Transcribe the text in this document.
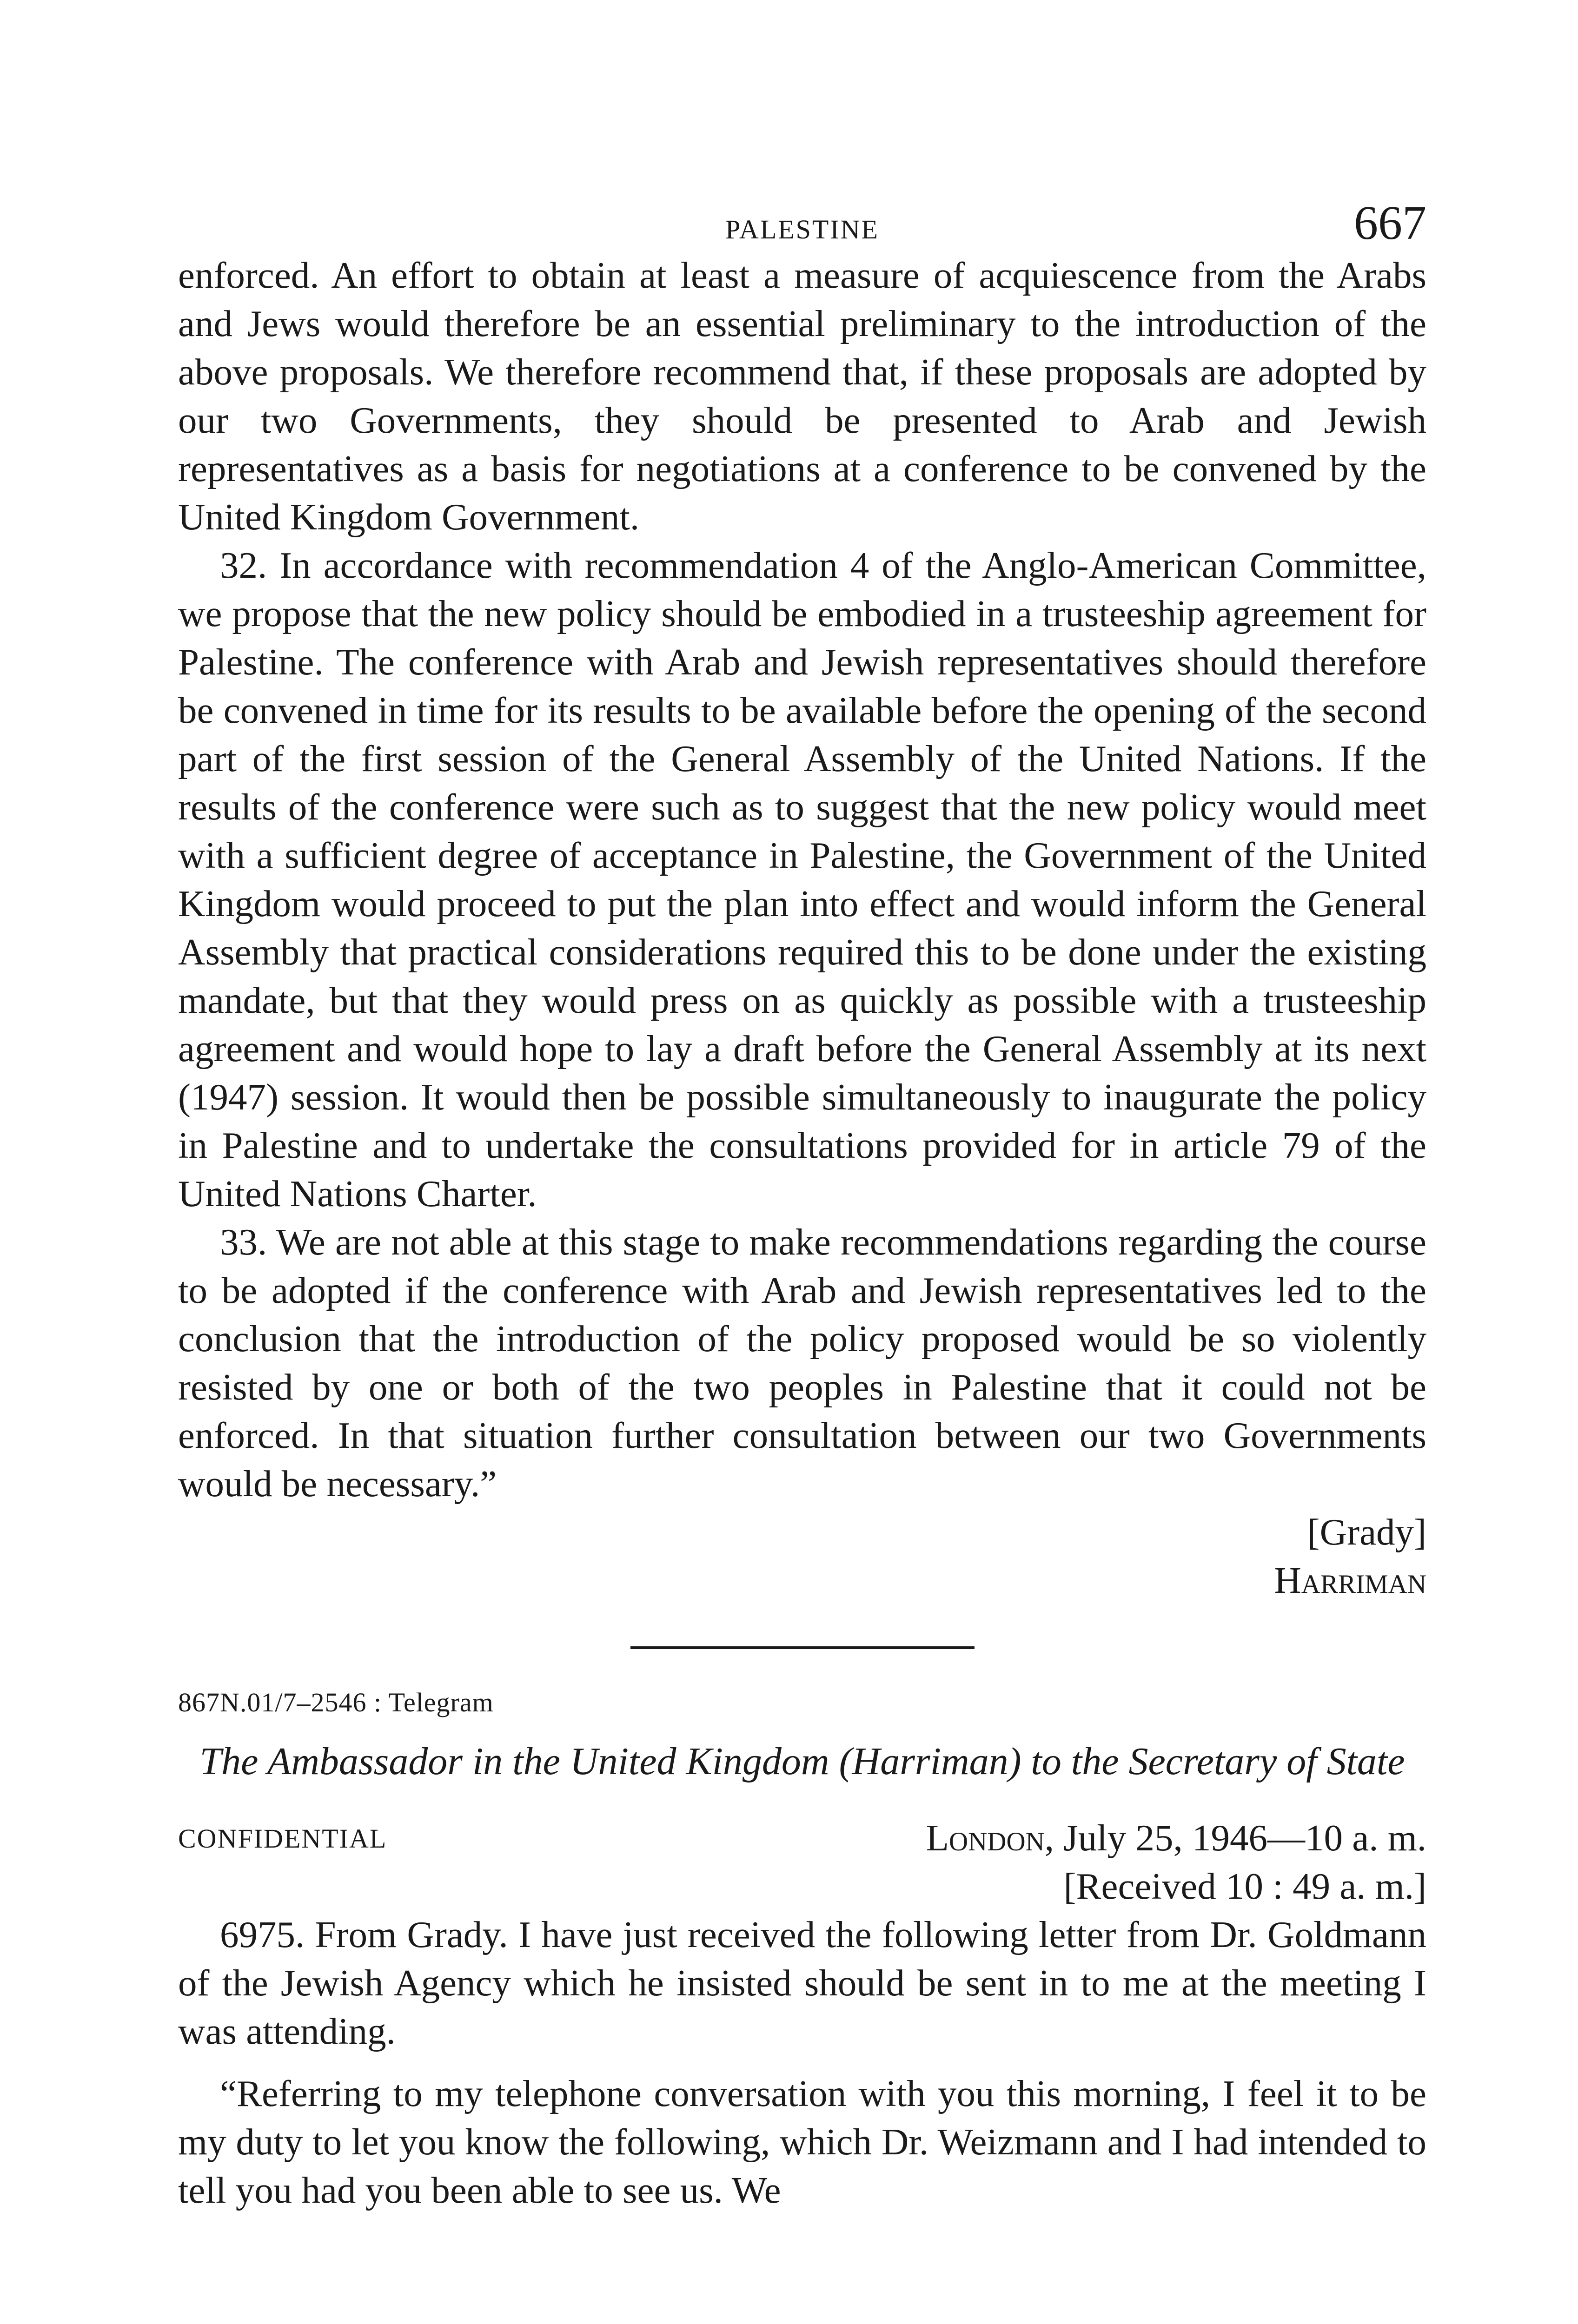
PALESTINE	667

enforced. An effort to obtain at least a measure of acquiescence from the Arabs and Jews would therefore be an essential preliminary to the introduction of the above proposals. We therefore recommend that, if these proposals are adopted by our two Governments, they should be presented to Arab and Jewish representatives as a basis for negotiations at a conference to be convened by the United Kingdom Government.

32. In accordance with recommendation 4 of the Anglo-American Committee, we propose that the new policy should be embodied in a trusteeship agreement for Palestine. The conference with Arab and Jewish representatives should therefore be convened in time for its results to be available before the opening of the second part of the first session of the General Assembly of the United Nations. If the results of the conference were such as to suggest that the new policy would meet with a sufficient degree of acceptance in Palestine, the Government of the United Kingdom would proceed to put the plan into effect and would inform the General Assembly that practical considerations required this to be done under the existing mandate, but that they would press on as quickly as possible with a trusteeship agreement and would hope to lay a draft before the General Assembly at its next (1947) session. It would then be possible simultaneously to inaugurate the policy in Palestine and to undertake the consultations provided for in article 79 of the United Nations Charter.

33. We are not able at this stage to make recommendations regarding the course to be adopted if the conference with Arab and Jewish representatives led to the conclusion that the introduction of the policy proposed would be so violently resisted by one or both of the two peoples in Palestine that it could not be enforced. In that situation further consultation between our two Governments would be necessary.”

[Grady]
Harriman
867N.01/7–2546 : Telegram
The Ambassador in the United Kingdom (Harriman) to the Secretary of State
CONFIDENTIAL	London, July 25, 1946—10 a. m.
[Received 10 : 49 a. m.]

6975. From Grady. I have just received the following letter from Dr. Goldmann of the Jewish Agency which he insisted should be sent in to me at the meeting I was attending.

“Referring to my telephone conversation with you this morning, I feel it to be my duty to let you know the following, which Dr. Weizmann and I had intended to tell you had you been able to see us. We
